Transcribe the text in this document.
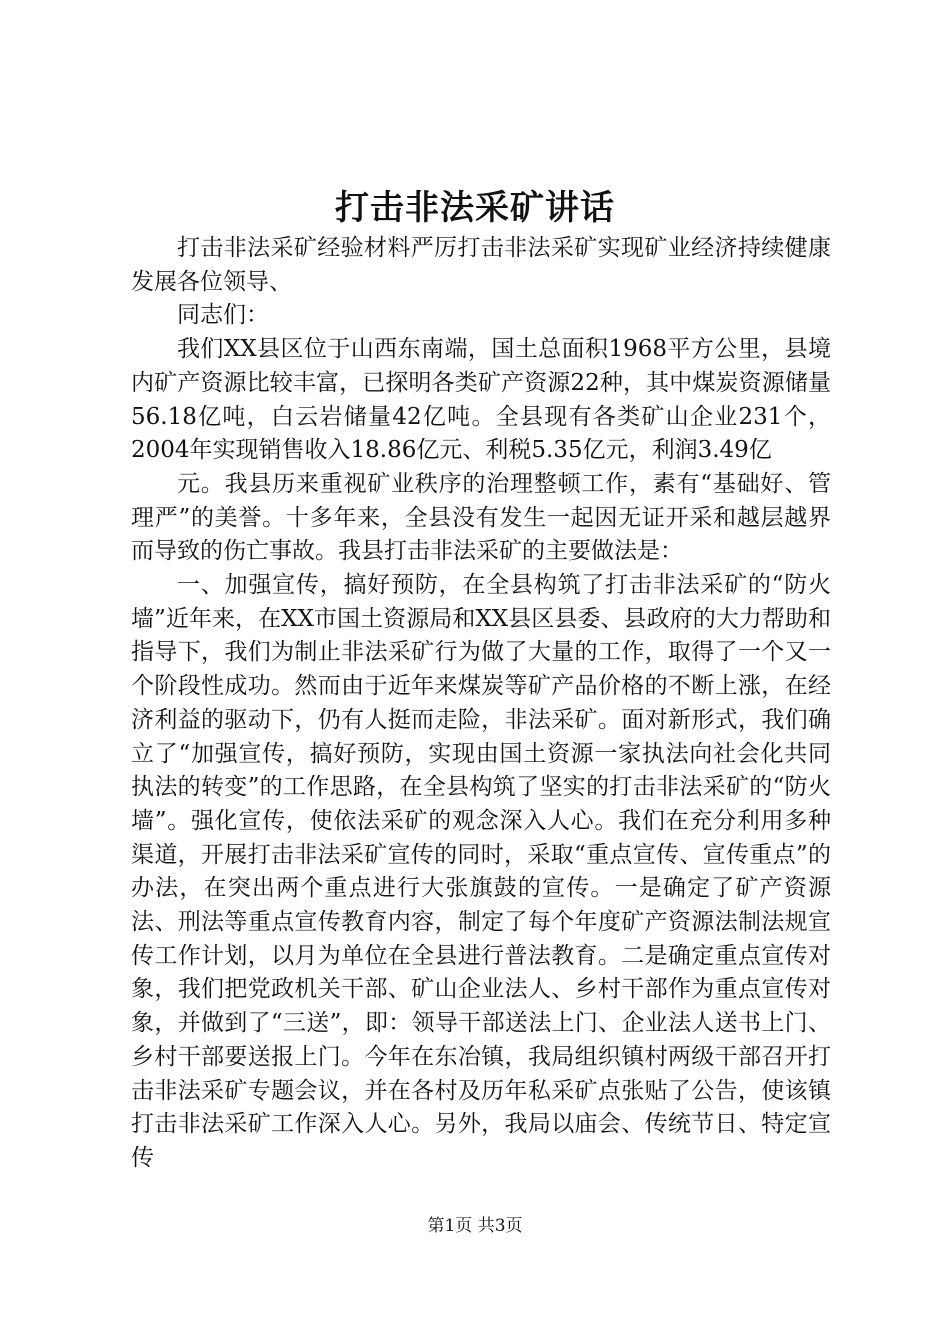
打击非法采矿讲话

打击非法采矿经验材料严厉打击非法采矿实现矿业经济持续健康发展各位领导、

同志们：

我们XX县区位于山西东南端，国土总面积1968平方公里，县境内矿产资源比较丰富，已探明各类矿产资源22种，其中煤炭资源储量56.18亿吨，白云岩储量42亿吨。全县现有各类矿山企业231个，2004年实现销售收入18.86亿元、利税5.35亿元，利润3.49亿

元。我县历来重视矿业秩序的治理整顿工作，素有“基础好、管理严”的美誉。十多年来，全县没有发生一起因无证开采和越层越界而导致的伤亡事故。我县打击非法采矿的主要做法是：

一、加强宣传，搞好预防，在全县构筑了打击非法采矿的“防火墙”近年来，在XX市国土资源局和XX县区县委、县政府的大力帮助和指导下，我们为制止非法采矿行为做了大量的工作，取得了一个又一个阶段性成功。然而由于近年来煤炭等矿产品价格的不断上涨，在经济利益的驱动下，仍有人挺而走险，非法采矿。面对新形式，我们确立了“加强宣传，搞好预防，实现由国土资源一家执法向社会化共同执法的转变”的工作思路，在全县构筑了坚实的打击非法采矿的“防火墙”。强化宣传，使依法采矿的观念深入人心。我们在充分利用多种渠道，开展打击非法采矿宣传的同时，采取“重点宣传、宣传重点”的办法，在突出两个重点进行大张旗鼓的宣传。一是确定了矿产资源法、刑法等重点宣传教育内容，制定了每个年度矿产资源法制法规宣传工作计划，以月为单位在全县进行普法教育。二是确定重点宣传对象，我们把党政机关干部、矿山企业法人、乡村干部作为重点宣传对象，并做到了“三送”，即：领导干部送法上门、企业法人送书上门、乡村干部要送报上门。今年在东冶镇，我局组织镇村两级干部召开打击非法采矿专题会议，并在各村及历年私采矿点张贴了公告，使该镇打击非法采矿工作深入人心。另外，我局以庙会、传统节日、特定宣传

第1页 共3页
